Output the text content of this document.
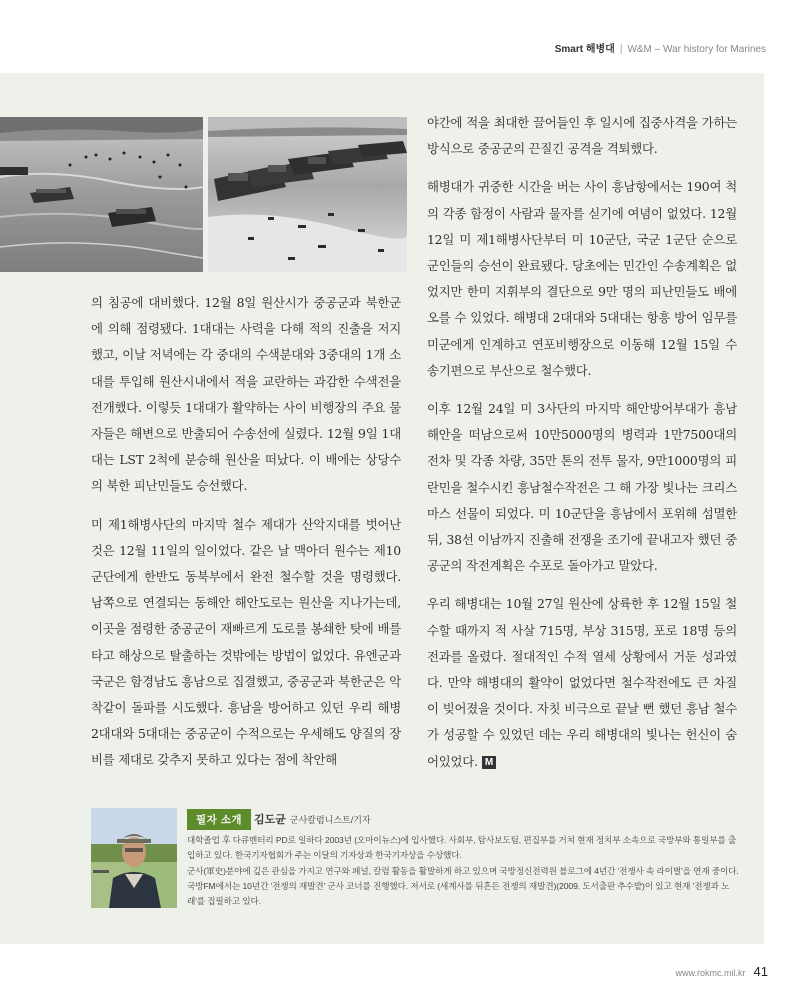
Smart 해병대 | W&M – War history for Marines

의 침공에 대비했다. 12월 8일 원산시가 중공군과 북한군에 의해 점령됐다. 1대대는 사력을 다해 적의 진출을 저지했고, 이날 저녁에는 각 중대의 수색분대와 3중대의 1개 소대를 투입해 원산시내에서 적을 교란하는 과감한 수색전을 전개했다. 이렇듯 1대대가 활약하는 사이 비행장의 주요 물자들은 해변으로 반출되어 수송선에 실렸다. 12월 9일 1대대는 LST 2척에 분승해 원산을 떠났다. 이 배에는 상당수의 북한 피난민들도 승선했다.

미 제1해병사단의 마지막 철수 제대가 산악지대를 벗어난 것은 12월 11일의 일이었다. 같은 날 맥아더 원수는 제10군단에게 한반도 동북부에서 완전 철수할 것을 명령했다. 남쪽으로 연결되는 동해안 해안도로는 원산을 지나가는데, 이곳을 점령한 중공군이 재빠르게 도로를 봉쇄한 탓에 배를 타고 해상으로 탈출하는 것밖에는 방법이 없었다. 유엔군과 국군은 함경남도 흥남으로 집결했고, 중공군과 북한군은 악착같이 돌파를 시도했다. 흥남을 방어하고 있던 우리 해병 2대대와 5대대는 중공군이 수적으로는 우세해도 양질의 장비를 제대로 갖추지 못하고 있다는 점에 착안해

야간에 적을 최대한 끌어들인 후 일시에 집중사격을 가하는 방식으로 중공군의 끈질긴 공격을 격퇴했다.

해병대가 귀중한 시간을 버는 사이 흥남항에서는 190여 척의 각종 함정이 사람과 물자를 싣기에 여념이 없었다. 12월 12일 미 제1해병사단부터 미 10군단, 국군 1군단 순으로 군인들의 승선이 완료됐다. 당초에는 민간인 수송계획은 없었지만 한미 지휘부의 결단으로 9만 명의 피난민들도 배에 오를 수 있었다. 해병대 2대대와 5대대는 항흥 방어 임무를 미군에게 인계하고 연포비행장으로 이동해 12월 15일 수송기편으로 부산으로 철수했다.

이후 12월 24일 미 3사단의 마지막 해안방어부대가 흥남 해안을 떠남으로써 10만5000명의 병력과 1만7500대의 전차 및 각종 차량, 35만 톤의 전투 물자, 9만1000명의 피란민을 철수시킨 흥남철수작전은 그 해 가장 빛나는 크리스마스 선물이 되었다. 미 10군단을 흥남에서 포위해 섬멸한 뒤, 38선 이남까지 진출해 전쟁을 조기에 끝내고자 했던 중공군의 작전계획은 수포로 돌아가고 말았다.

우리 해병대는 10월 27일 원산에 상륙한 후 12월 15일 철수할 때까지 적 사살 715명, 부상 315명, 포로 18명 등의 전과를 올렸다. 절대적인 수적 열세 상황에서 거둔 성과였다. 만약 해병대의 활약이 없었다면 철수작전에도 큰 차질이 빚어졌을 것이다. 자칫 비극으로 끝날 뻔 했던 흥남 철수가 성공할 수 있었던 데는 우리 해병대의 빛나는 헌신이 숨어있었다. M

필자 소개	김도균 군사칼럼니스트/기자

대학졸업 후 다큐멘터리 PD로 일하다 2003년 (오마이뉴스)에 입사했다. 사회부, 탐사보도팀, 편집부를 거쳐 현재 정치부 소속으로 국방부와 통일부를 출입하고 있다. 한국기자협회가 주는 이달의 기자상과 한국기자상을 수상했다.

군사(軍史)분야에 깊은 관심을 가지고 연구와 패널, 칼럼 활동을 활발하게 하고 있으며 국방정신전력원 블로그에 4년간 '전쟁사 속 라이벌'을 연재 중이다. 국방FM에서는 10년간 '전쟁의 재발견' 군사 코너를 진행했다. 저서로 (세계사를 뒤흔든 전쟁의 재발견)(2009. 도서출판 추수밭)이 있고 현재 '전쟁과 노래'를 집필하고 있다.

www.rokmc.mil.kr 41
